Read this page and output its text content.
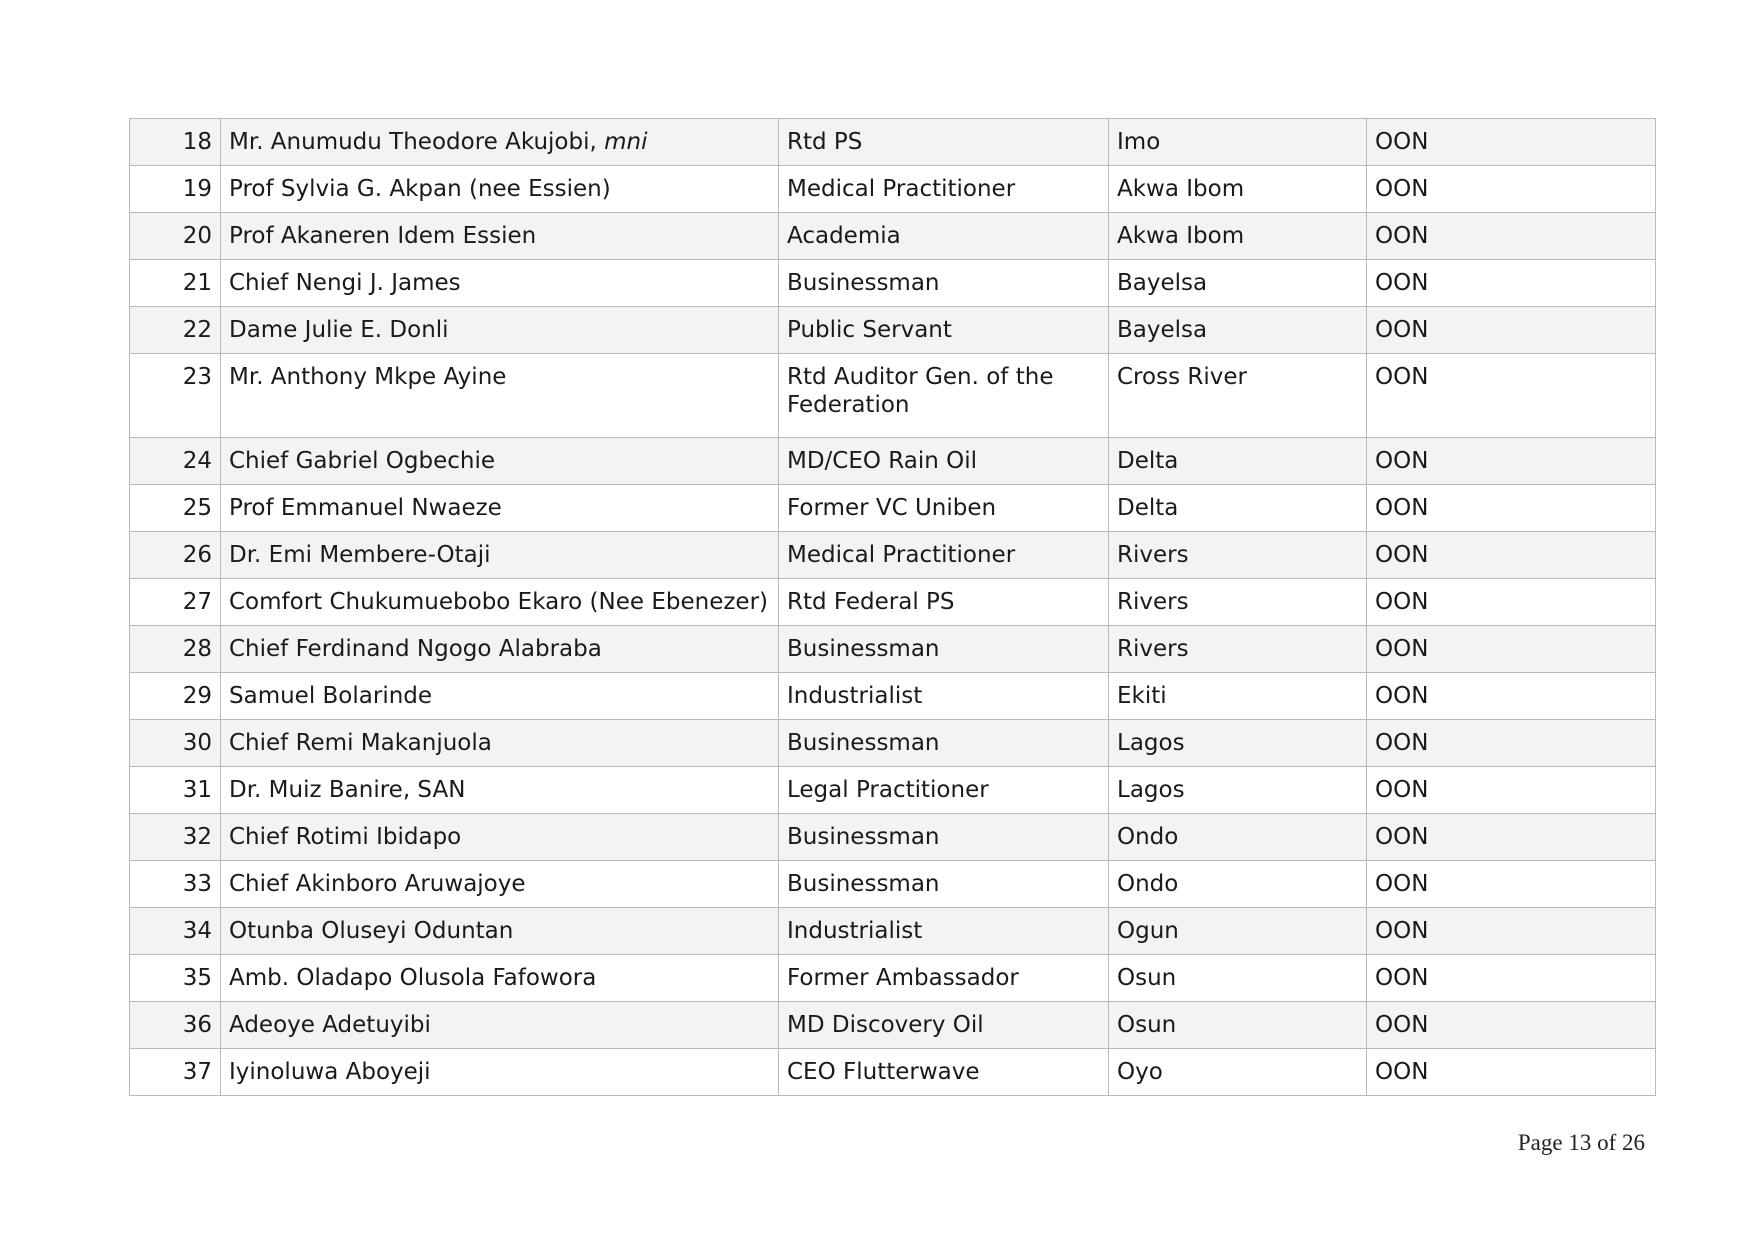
18	Mr. Anumudu Theodore Akujobi, mni	Rtd PS	Imo	OON
19	Prof Sylvia G. Akpan (nee Essien)	Medical Practitioner	Akwa Ibom	OON
20	Prof Akaneren Idem Essien	Academia	Akwa Ibom	OON
21	Chief Nengi J. James	Businessman	Bayelsa	OON
22	Dame Julie E. Donli	Public Servant	Bayelsa	OON
23	Mr. Anthony Mkpe Ayine	Rtd Auditor Gen. of the Federation	Cross River	OON
24	Chief Gabriel Ogbechie	MD/CEO Rain Oil	Delta	OON
25	Prof Emmanuel Nwaeze	Former VC Uniben	Delta	OON
26	Dr. Emi Membere-Otaji	Medical Practitioner	Rivers	OON
27	Comfort Chukumuebobo Ekaro (Nee Ebenezer)	Rtd Federal PS	Rivers	OON
28	Chief Ferdinand Ngogo Alabraba	Businessman	Rivers	OON
29	Samuel Bolarinde	Industrialist	Ekiti	OON
30	Chief Remi Makanjuola	Businessman	Lagos	OON
31	Dr. Muiz Banire, SAN	Legal Practitioner	Lagos	OON
32	Chief Rotimi Ibidapo	Businessman	Ondo	OON
33	Chief Akinboro Aruwajoye	Businessman	Ondo	OON
34	Otunba Oluseyi Oduntan	Industrialist	Ogun	OON
35	Amb. Oladapo Olusola Fafowora	Former Ambassador	Osun	OON
36	Adeoye Adetuyibi	MD Discovery Oil	Osun	OON
37	Iyinoluwa Aboyeji	CEO Flutterwave	Oyo	OON
Page 13 of 26
